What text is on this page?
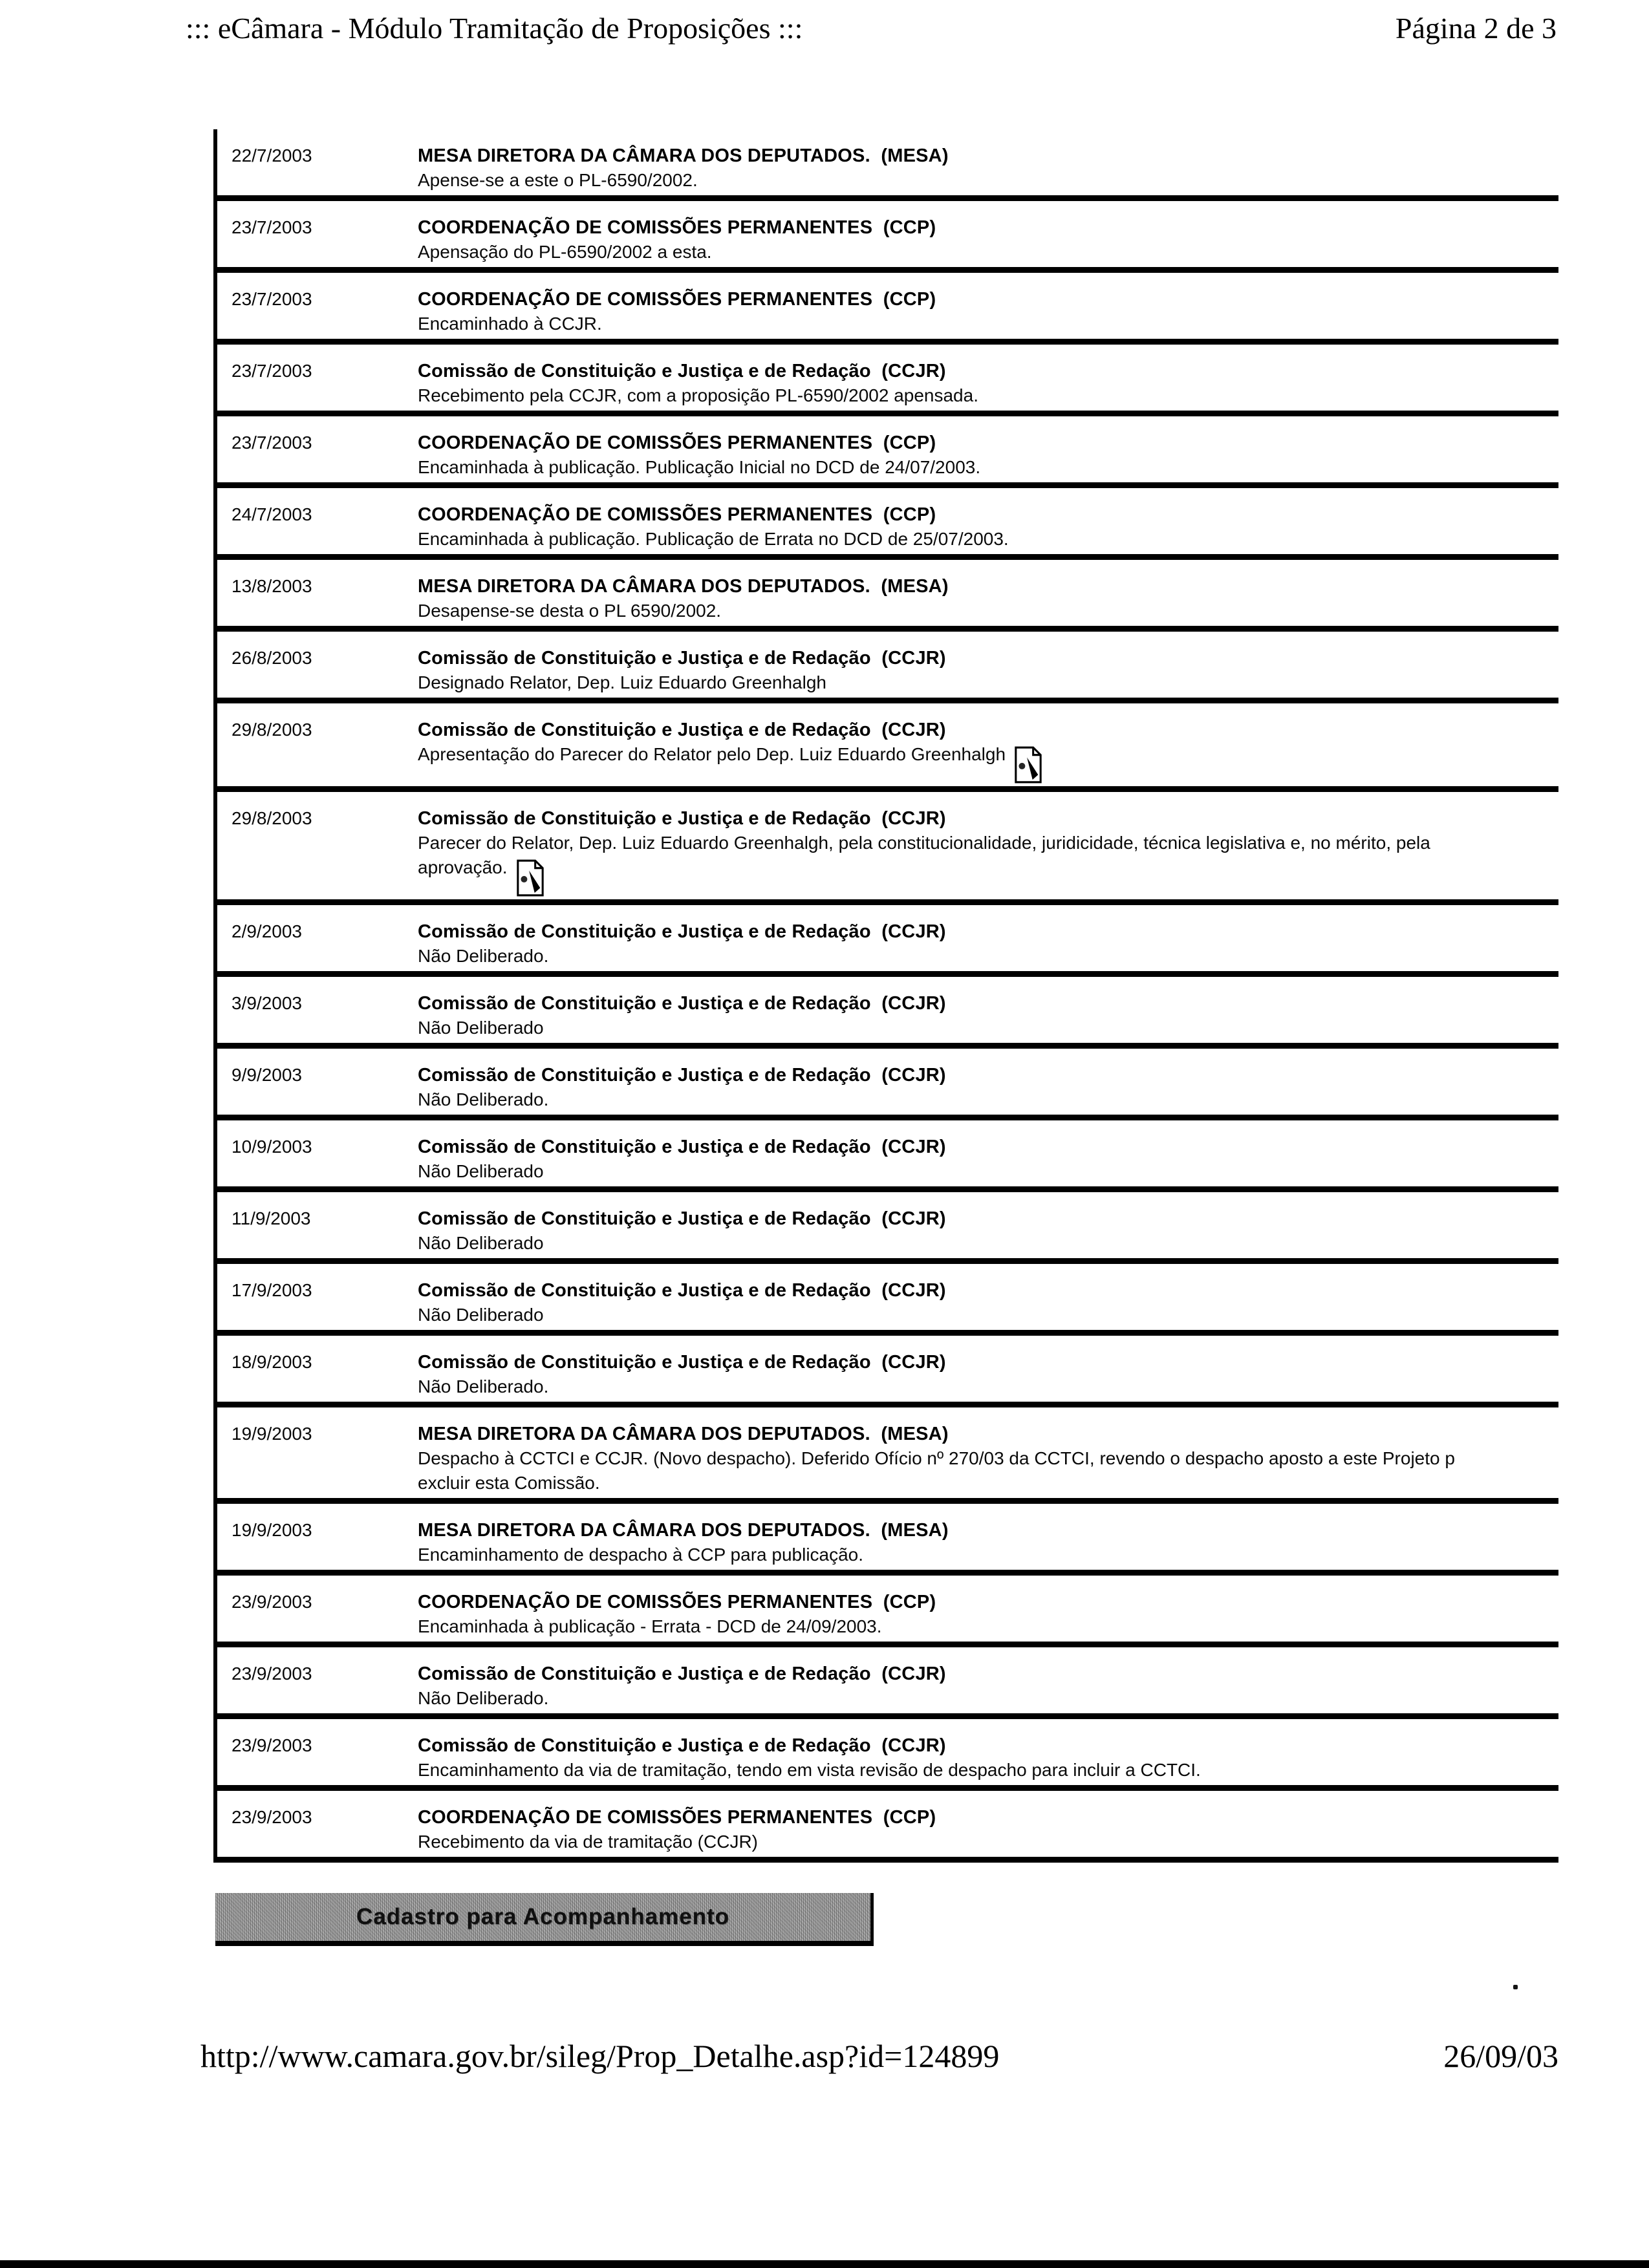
::: eCâmara - Módulo Tramitação de Proposições :::	Página 2 de 3
22/7/2003	MESA DIRETORA DA CÂMARA DOS DEPUTADOS.  (MESA)
Apense-se a este o PL-6590/2002.
23/7/2003	COORDENAÇÃO DE COMISSÕES PERMANENTES  (CCP)
Apensação do PL-6590/2002 a esta.
23/7/2003	COORDENAÇÃO DE COMISSÕES PERMANENTES  (CCP)
Encaminhado à CCJR.
23/7/2003	Comissão de Constituição e Justiça e de Redação  (CCJR)
Recebimento pela CCJR, com a proposição PL-6590/2002 apensada.
23/7/2003	COORDENAÇÃO DE COMISSÕES PERMANENTES  (CCP)
Encaminhada à publicação. Publicação Inicial no DCD de 24/07/2003.
24/7/2003	COORDENAÇÃO DE COMISSÕES PERMANENTES  (CCP)
Encaminhada à publicação. Publicação de Errata no DCD de 25/07/2003.
13/8/2003	MESA DIRETORA DA CÂMARA DOS DEPUTADOS.  (MESA)
Desapense-se desta o PL 6590/2002.
26/8/2003	Comissão de Constituição e Justiça e de Redação  (CCJR)
Designado Relator, Dep. Luiz Eduardo Greenhalgh
29/8/2003	Comissão de Constituição e Justiça e de Redação  (CCJR)
Apresentação do Parecer do Relator pelo Dep. Luiz Eduardo Greenhalgh
29/8/2003	Comissão de Constituição e Justiça e de Redação  (CCJR)
Parecer do Relator, Dep. Luiz Eduardo Greenhalgh, pela constitucionalidade, juridicidade, técnica legislativa e, no mérito, pela
aprovação.
2/9/2003	Comissão de Constituição e Justiça e de Redação  (CCJR)
Não Deliberado.
3/9/2003	Comissão de Constituição e Justiça e de Redação  (CCJR)
Não Deliberado
9/9/2003	Comissão de Constituição e Justiça e de Redação  (CCJR)
Não Deliberado.
10/9/2003	Comissão de Constituição e Justiça e de Redação  (CCJR)
Não Deliberado
11/9/2003	Comissão de Constituição e Justiça e de Redação  (CCJR)
Não Deliberado
17/9/2003	Comissão de Constituição e Justiça e de Redação  (CCJR)
Não Deliberado
18/9/2003	Comissão de Constituição e Justiça e de Redação  (CCJR)
Não Deliberado.
19/9/2003	MESA DIRETORA DA CÂMARA DOS DEPUTADOS.  (MESA)
Despacho à CCTCI e CCJR. (Novo despacho). Deferido Ofício nº 270/03 da CCTCI, revendo o despacho aposto a este Projeto p
excluir esta Comissão.
19/9/2003	MESA DIRETORA DA CÂMARA DOS DEPUTADOS.  (MESA)
Encaminhamento de despacho à CCP para publicação.
23/9/2003	COORDENAÇÃO DE COMISSÕES PERMANENTES  (CCP)
Encaminhada à publicação - Errata - DCD de 24/09/2003.
23/9/2003	Comissão de Constituição e Justiça e de Redação  (CCJR)
Não Deliberado.
23/9/2003	Comissão de Constituição e Justiça e de Redação  (CCJR)
Encaminhamento da via de tramitação, tendo em vista revisão de despacho para incluir a CCTCI.
23/9/2003	COORDENAÇÃO DE COMISSÕES PERMANENTES  (CCP)
Recebimento da via de tramitação (CCJR)
Cadastro para Acompanhamento
http://www.camara.gov.br/sileg/Prop_Detalhe.asp?id=124899	26/09/03
